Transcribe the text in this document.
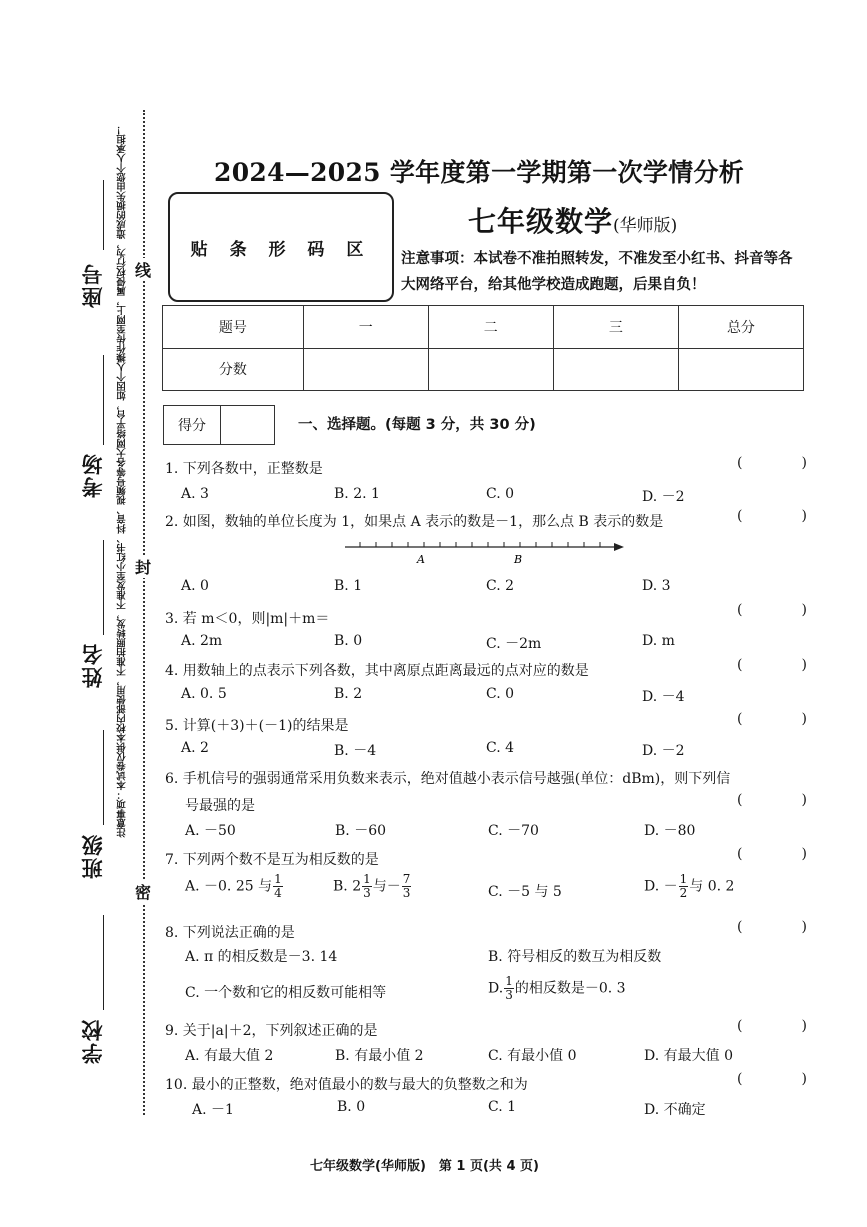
座号
考场
姓名
班级
学校
注意事项：本试卷仅供本校内部使用，不准拍照转发，不准发至小红书、抖音、视频号等各大网络平台，如因个人操作传至网上，属侵权行为，造成的损失由您个人承担！ 线
封
密
2024—2025 学年度第一学期第一次学情分析
贴 条 形 码 区
七年级数学(华师版)
注意事项：本试卷不准拍照转发，不准发至小红书、抖音等各大网络平台，给其他学校造成跑题，后果自负！
题号	一	二	三	总分
分数				
得分	一、选择题。(每题 3 分，共 30 分)
1. 下列各数中，正整数是	(	)
A. 3	B. 2. 1	C. 0	D. －2
2. 如图，数轴的单位长度为 1，如果点 A 表示的数是－1，那么点 B 表示的数是	(	)
A	B
A. 0	B. 1	C. 2	D. 3
3. 若 m＜0，则|m|＋m＝
(	)
A. 2m	B. 0	C. －2m	D. m
4. 用数轴上的点表示下列各数，其中离原点距离最远的点对应的数是	(	)
A. 0. 5	B. 2	C. 0	D. －4
5. 计算(＋3)＋(－1)的结果是	(	)
A. 2	B. －4	C. 4	D. －2
6. 手机信号的强弱通常采用负数来表示，绝对值越小表示信号越强(单位：dBm)，则下列信
号最强的是	(	)
A. －50	B. －60	C. －70	D. －80
7. 下列两个数不是互为相反数的是	(	)
A. －0. 25 与 $\frac{1}{4}$	B. $2 \frac{1}{3}$ 与－ $\frac{7}{3}$	C. －5 与 5	D. － $\frac{1}{2}$ 与 0. 2
8. 下列说法正确的是	(	)
A. π 的相反数是－3. 14	B. 符号相反的数互为相反数
C. 一个数和它的相反数可能相等	D. $\frac{1}{3}$ 的相反数是－0. 3
9. 关于|a|＋2，下列叙述正确的是	(	)
A. 有最大值 2	B. 有最小值 2	C. 有最小值 0	D. 有最大值 0
10. 最小的正整数，绝对值最小的数与最大的负整数之和为	(	)
A. －1	B. 0	C. 1	D. 不确定
七年级数学(华师版)　第 1 页(共 4 页)
